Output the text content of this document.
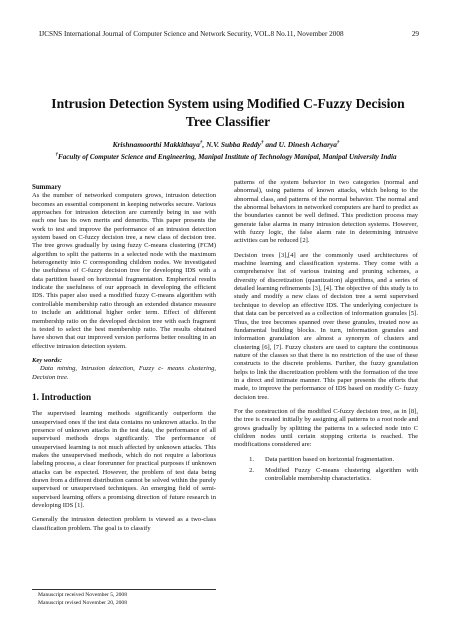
IJCSNS International Journal of Computer Science and Network Security, VOL.8 No.11, November 2008	29
Intrusion Detection System using Modified C-Fuzzy Decision Tree Classifier
Krishnamoorthi Makkithaya†, N.V. Subba Reddy† and U. Dinesh Acharya†
†Faculty of Computer Science and Engineering, Manipal Institute of Technology Manipal, Manipal University India
Summary

As the number of networked computers grows, intrusion detection becomes an essential component in keeping networks secure. Various approaches for intrusion detection are currently being in use with each one has its own merits and demerits. This paper presents the work to test and improve the performance of an intrusion detection system based on C-fuzzy decision tree, a new class of decision tree. The tree grows gradually by using fuzzy C-means clustering (FCM) algorithm to split the patterns in a selected node with the maximum heterogeneity into C corresponding children nodes. We investigated the usefulness of C-fuzzy decision tree for developing IDS with a data partition based on horizontal fragmentation. Empherical results indicate the usefulness of our approach in developing the efficient IDS. This paper also used a modified fuzzy C-means algorithm with controllable membership ratio through an extended distance measure to include an additional higher order term. Effect of different membership ratio on the developed decision tree with each fragment is tested to select the best membership ratio. The results obtained have shown that our improved version performs better resulting in an effective intrusion detection system.

Key words:

Data mining, Intrusion detection, Fuzzy c- means clustering, Decision tree.

1. Introduction

The supervised learning methods significantly outperform the unsupervised ones if the test data contains no unknown attacks. In the presence of unknown attacks in the test data, the performance of all supervised methods drops significantly. The performance of unsupervised learning is not much affected by unknown attacks. This makes the unsupervised methods, which do not require a laborious labeling process, a clear forerunner for practical purposes if unknown attacks can be expected. However, the problem of test data being drawn from a different distribution cannot be solved within the purely supervised or unsupervised techniques. An emerging field of semi-supervised learning offers a promising direction of future research in developing IDS [1].

Generally the intrusion detection problem is viewed as a two-class classification problem. The goal is to classify

patterns of the system behavior in two categories (normal and abnormal), using patterns of known attacks, which belong to the abnormal class, and patterns of the normal behavior. The normal and the abnormal behaviors in networked computers are hard to predict as the boundaries cannot be well defined. This prediction process may generate false alarms in many intrusion detection systems. However, with fuzzy logic, the false alarm rate in determining intrusive activities can be reduced [2].

Decision trees [3],[4] are the commonly used architectures of machine learning and classification systems. They come with a comprehensive list of various training and pruning schemes, a diversity of discretization (quantization) algorithms, and a series of detailed learning refinements [3], [4]. The objective of this study is to study and modify a new class of decision tree a semi supervised technique to develop an effective IDS. The underlying conjecture is that data can be perceived as a collection of information granules [5]. Thus, the tree becomes spanned over these granules, treated now as fundamental building blocks. In turn, information granules and information granulation are almost a synonym of clusters and clustering [6], [7]. Fuzzy clusters are used to capture the continuous nature of the classes so that there is no restriction of the use of these constructs to the discrete problems. Further, the fuzzy granulation helps to link the discretization problem with the formation of the tree in a direct and intimate manner. This paper presents the efforts that made, to improve the performance of IDS based on modify C- fuzzy decision tree.

For the construction of the modified C-fuzzy decision tree, as in [8], the tree is created initially by assigning all patterns to a root node and grows gradually by splitting the patterns in a selected node into C children nodes until certain stopping criteria is reached. The modifications considered are:

1.	Data partition based on horizontal fragmentation.
2.	Modified Fuzzy C-means clustering algorithm with controllable membership characteristics.
Manuscript received November 5, 2008
Manuscript revised November 20, 2008
